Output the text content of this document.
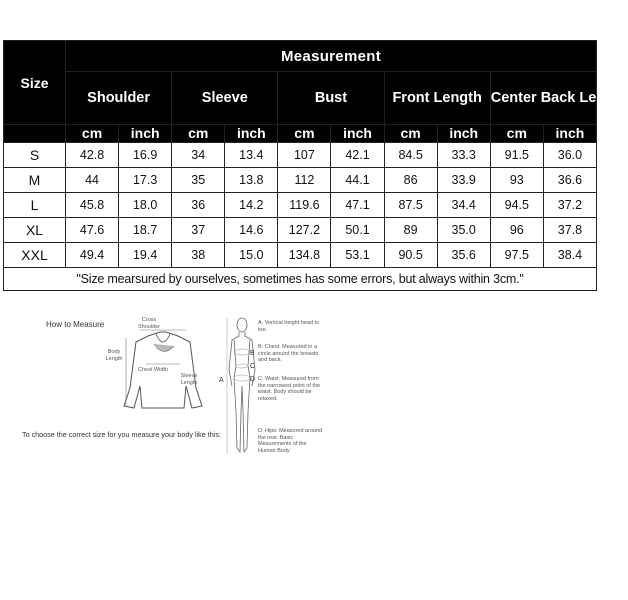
Size	Measurement									
	Shoulder		Sleeve		Bust		Front Length		Center Back Length	
	cm	inch	cm	inch	cm	inch	cm	inch	cm	inch
S	42.8	16.9	34	13.4	107	42.1	84.5	33.3	91.5	36.0
M	44	17.3	35	13.8	112	44.1	86	33.9	93	36.6
L	45.8	18.0	36	14.2	119.6	47.1	87.5	34.4	94.5	37.2
XL	47.6	18.7	37	14.6	127.2	50.1	89	35.0	96	37.8
XXL	49.4	19.4	38	15.0	134.8	53.1	90.5	35.6	97.5	38.4
"Size mearsured by ourselves, sometimes has some errors, but always within 3cm."										
How to Measure	Cross Shoulder
Body Length
Chest Width
Sleeve Length
To choose the correct size for you measure your body like this:
A
B
C
D
A: Vertical height head to toe.
B: Chest: Measured in a circle around the breasts and back.
C: Waist: Measured from the narrowest point of the waist. Body should be relaxed.
D: Hips: Measured around the rear. Basic Mesurements of the Human Body
